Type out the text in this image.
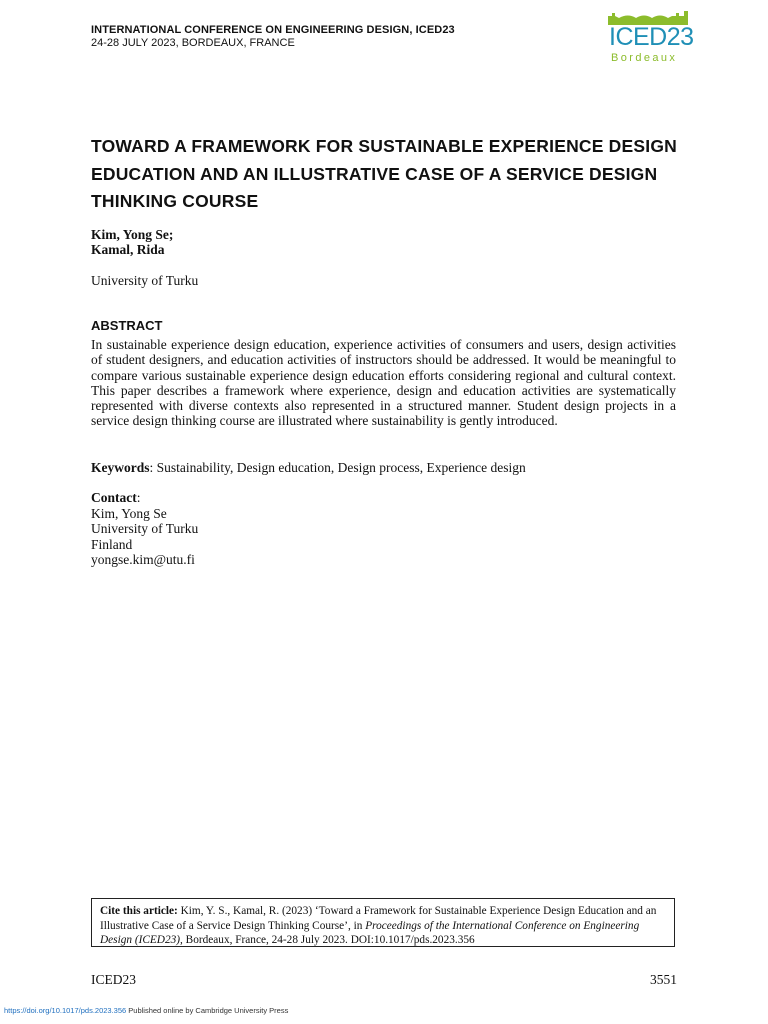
INTERNATIONAL CONFERENCE ON ENGINEERING DESIGN, ICED23
24-28 JULY 2023, BORDEAUX, FRANCE	ICED23
Bordeaux
TOWARD A FRAMEWORK FOR SUSTAINABLE EXPERIENCE DESIGN EDUCATION AND AN ILLUSTRATIVE CASE OF A SERVICE DESIGN THINKING COURSE
Kim, Yong Se;
Kamal, Rida
University of Turku
ABSTRACT
In sustainable experience design education, experience activities of consumers and users, design activities of student designers, and education activities of instructors should be addressed. It would be meaningful to compare various sustainable experience design education efforts considering regional and cultural context. This paper describes a framework where experience, design and education activities are systematically represented with diverse contexts also represented in a structured manner. Student design projects in a service design thinking course are illustrated where sustainability is gently introduced.
Keywords: Sustainability, Design education, Design process, Experience design
Contact:
Kim, Yong Se
University of Turku
Finland
yongse.kim@utu.fi
Cite this article: Kim, Y. S., Kamal, R. (2023) ‘Toward a Framework for Sustainable Experience Design Education and an Illustrative Case of a Service Design Thinking Course’, in Proceedings of the International Conference on Engineering Design (ICED23), Bordeaux, France, 24-28 July 2023. DOI:10.1017/pds.2023.356
ICED23	3551
https://doi.org/10.1017/pds.2023.356 Published online by Cambridge University Press
